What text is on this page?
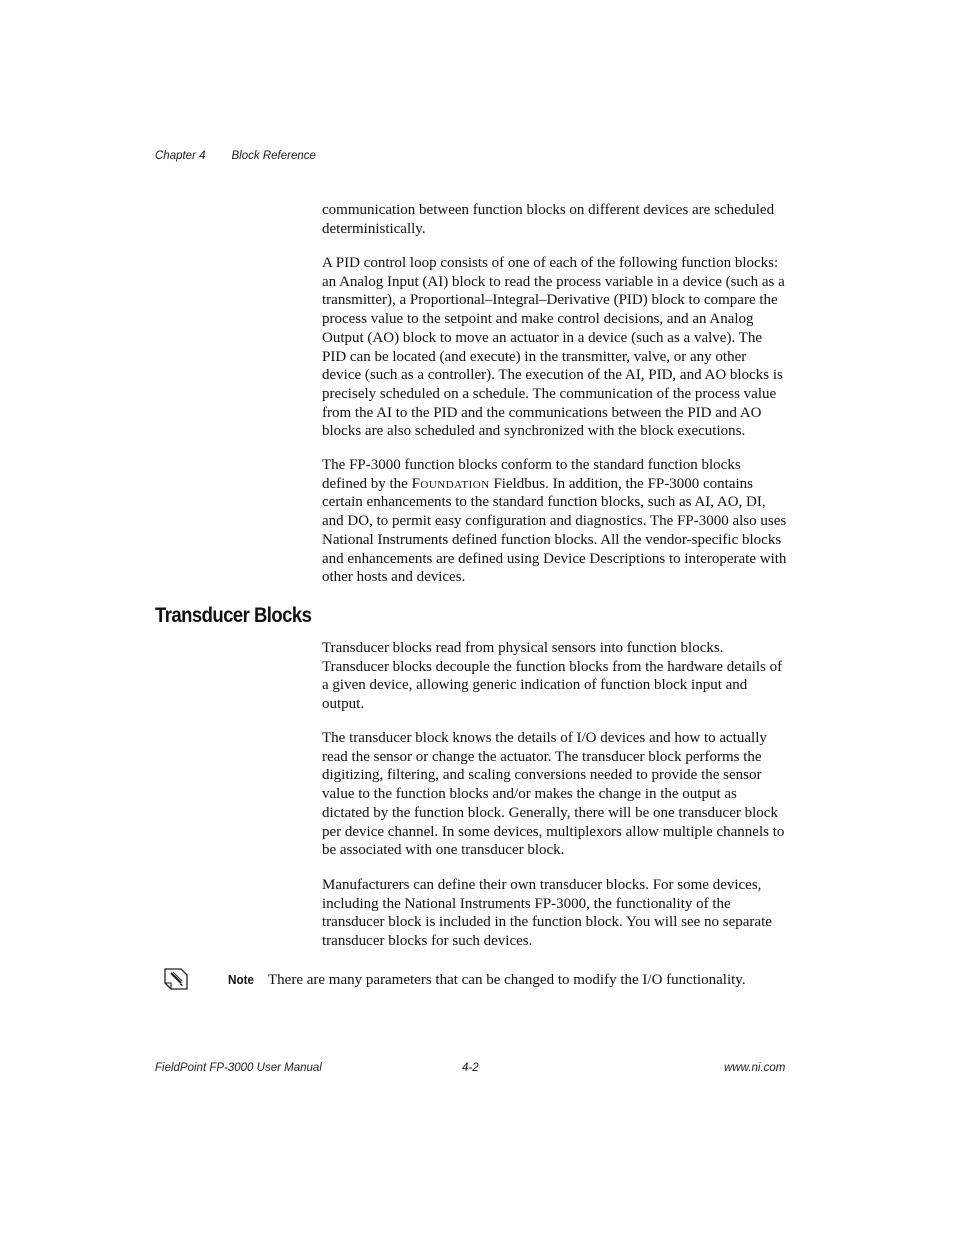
Chapter 4 Block Reference

communication between function blocks on different devices are scheduled deterministically.

A PID control loop consists of one of each of the following function blocks: an Analog Input (AI) block to read the process variable in a device (such as a transmitter), a Proportional–Integral–Derivative (PID) block to compare the process value to the setpoint and make control decisions, and an Analog Output (AO) block to move an actuator in a device (such as a valve). The PID can be located (and execute) in the transmitter, valve, or any other device (such as a controller). The execution of the AI, PID, and AO blocks is precisely scheduled on a schedule. The communication of the process value from the AI to the PID and the communications between the PID and AO blocks are also scheduled and synchronized with the block executions.

The FP-3000 function blocks conform to the standard function blocks defined by the Foundation Fieldbus. In addition, the FP-3000 contains certain enhancements to the standard function blocks, such as AI, AO, DI, and DO, to permit easy configuration and diagnostics. The FP-3000 also uses National Instruments defined function blocks. All the vendor-specific blocks and enhancements are defined using Device Descriptions to interoperate with other hosts and devices.

Transducer Blocks

Transducer blocks read from physical sensors into function blocks. Transducer blocks decouple the function blocks from the hardware details of a given device, allowing generic indication of function block input and output.

The transducer block knows the details of I/O devices and how to actually read the sensor or change the actuator. The transducer block performs the digitizing, filtering, and scaling conversions needed to provide the sensor value to the function blocks and/or makes the change in the output as dictated by the function block. Generally, there will be one transducer block per device channel. In some devices, multiplexors allow multiple channels to be associated with one transducer block.

Manufacturers can define their own transducer blocks. For some devices, including the National Instruments FP-3000, the functionality of the transducer block is included in the function block. You will see no separate transducer blocks for such devices.

Note There are many parameters that can be changed to modify the I/O functionality.
FieldPoint FP-3000 User Manual	4-2	www.ni.com
